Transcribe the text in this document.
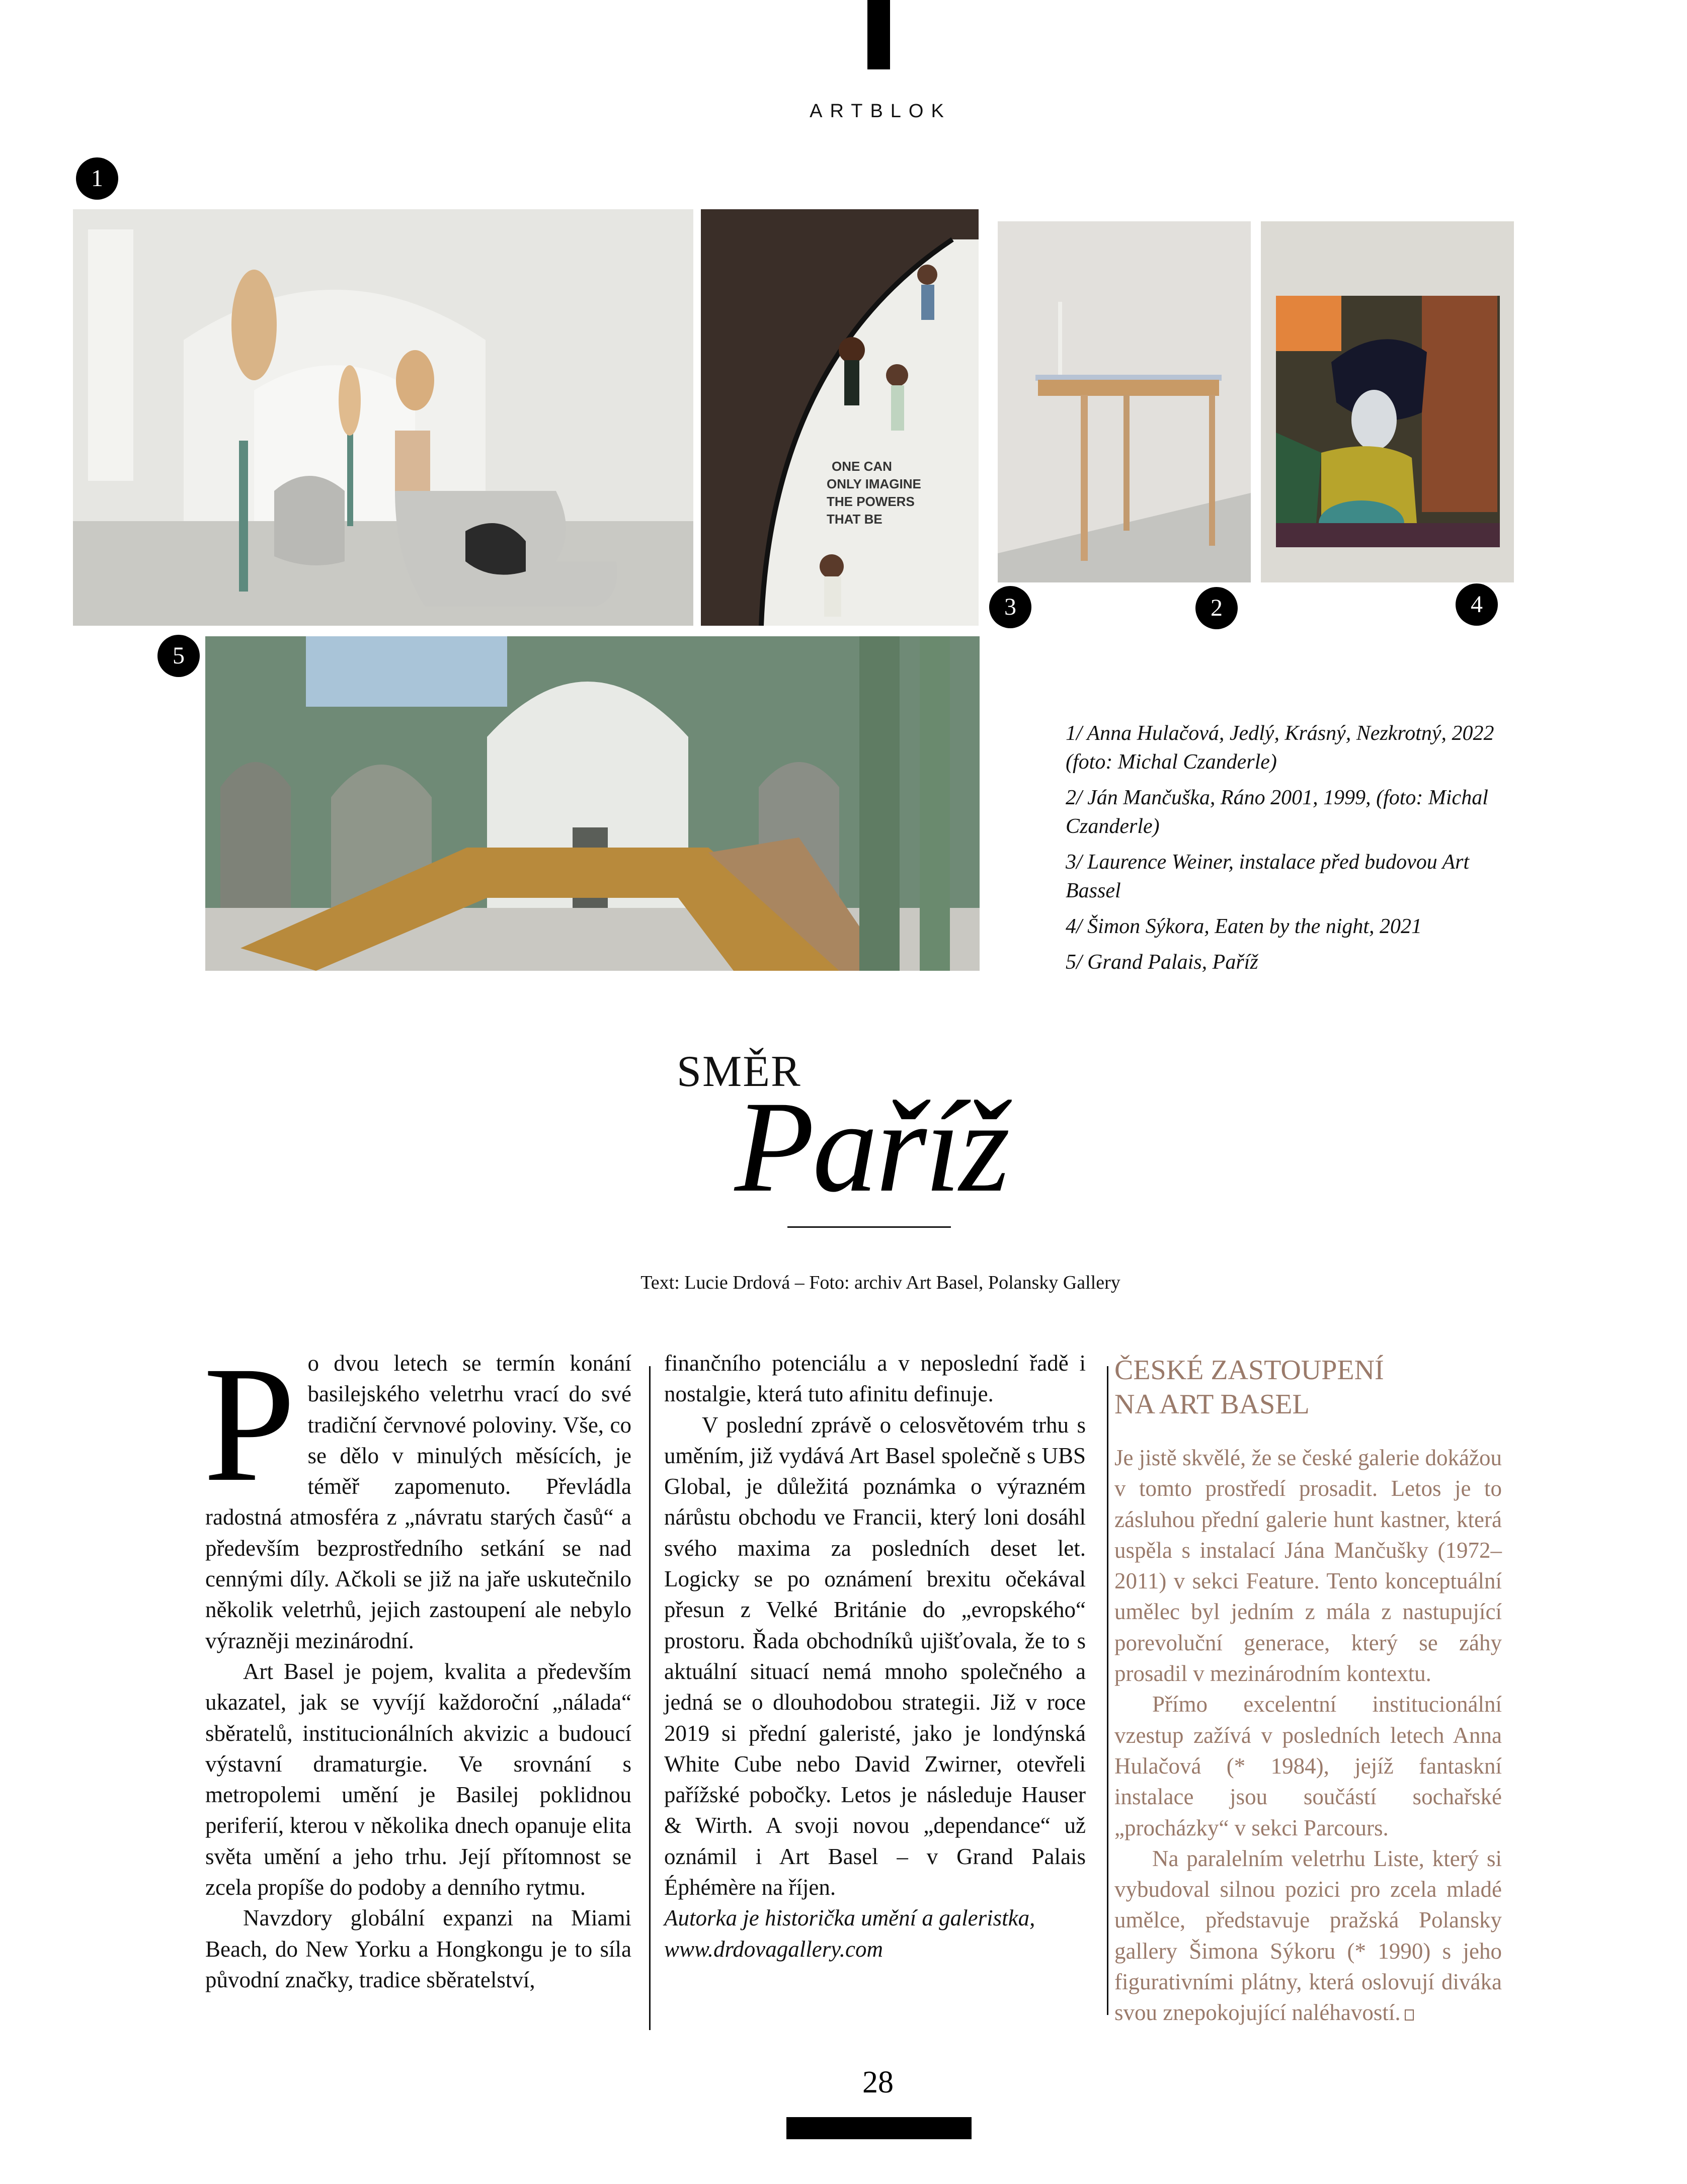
ARTBLOK
1
ONE CAN
ONLY IMAGINE
THE POWERS
THAT BE
3	2	4
5

1/ Anna Hulačová, Jedlý, Krásný, Nezkrotný, 2022 (foto: Michal Czanderle)

2/ Ján Mančuška, Ráno 2001, 1999, (foto: Michal Czanderle)

3/ Laurence Weiner, instalace před budovou Art Bassel

4/ Šimon Sýkora, Eaten by the night, 2021

5/ Grand Palais, Paříž

SMĚR
Paříž
Text: Lucie Drdová – Foto: archiv Art Basel, Polansky Gallery

Po dvou letech se termín konání basilejského veletrhu vrací do své tradiční červnové poloviny. Vše, co se dělo v minulých měsících, je téměř zapomenuto. Převládla radostná atmosféra z „návratu starých časů“ a především bezprostředního setkání se nad cennými díly. Ačkoli se již na jaře uskutečnilo několik veletrhů, jejich zastoupení ale nebylo výrazněji mezinárodní.

Art Basel je pojem, kvalita a především ukazatel, jak se vyvíjí každoroční „nálada“ sběratelů, institucionálních akvizic a budoucí výstavní dramaturgie. Ve srovnání s metropolemi umění je Basilej poklidnou periferií, kterou v několika dnech opanuje elita světa umění a jeho trhu. Její přítomnost se zcela propíše do podoby a denního rytmu.

Navzdory globální expanzi na Miami Beach, do New Yorku a Hongkongu je to síla původní značky, tradice sběratelství,

finančního potenciálu a v neposlední řadě i nostalgie, která tuto afinitu definuje.

V poslední zprávě o celosvětovém trhu s uměním, již vydává Art Basel společně s UBS Global, je důležitá poznámka o výrazném nárůstu obchodu ve Francii, který loni dosáhl svého maxima za posledních deset let. Logicky se po oznámení brexitu očekával přesun z Velké Británie do „evropského“ prostoru. Řada obchodníků ujišťovala, že to s aktuální situací nemá mnoho společného a jedná se o dlouhodobou strategii. Již v roce 2019 si přední galeristé, jako je londýnská White Cube nebo David Zwirner, otevřeli pařížské pobočky. Letos je následuje Hauser & Wirth. A svoji novou „dependance“ už oznámil i Art Basel – v Grand Palais Éphémère na říjen.

Autorka je historička umění a galeristka, www.drdovagallery.com

ČESKÉ ZASTOUPENÍ
NA ART BASEL

Je jistě skvělé, že se české galerie dokážou v tomto prostředí prosadit. Letos je to zásluhou přední galerie hunt kastner, která uspěla s instalací Jána Mančušky (1972–2011) v sekci Feature. Tento konceptuální umělec byl jedním z mála z nastupující porevoluční generace, který se záhy prosadil v mezinárodním kontextu.

Přímo excelentní institucionální vzestup zažívá v posledních letech Anna Hulačová (* 1984), jejíž fantaskní instalace jsou součástí sochařské „procházky“ v sekci Parcours.

Na paralelním veletrhu Liste, který si vybudoval silnou pozici pro zcela mladé umělce, představuje pražská Polansky gallery Šimona Sýkoru (* 1990) s jeho figurativními plátny, která oslovují diváka svou znepokojující naléhavostí.

28
